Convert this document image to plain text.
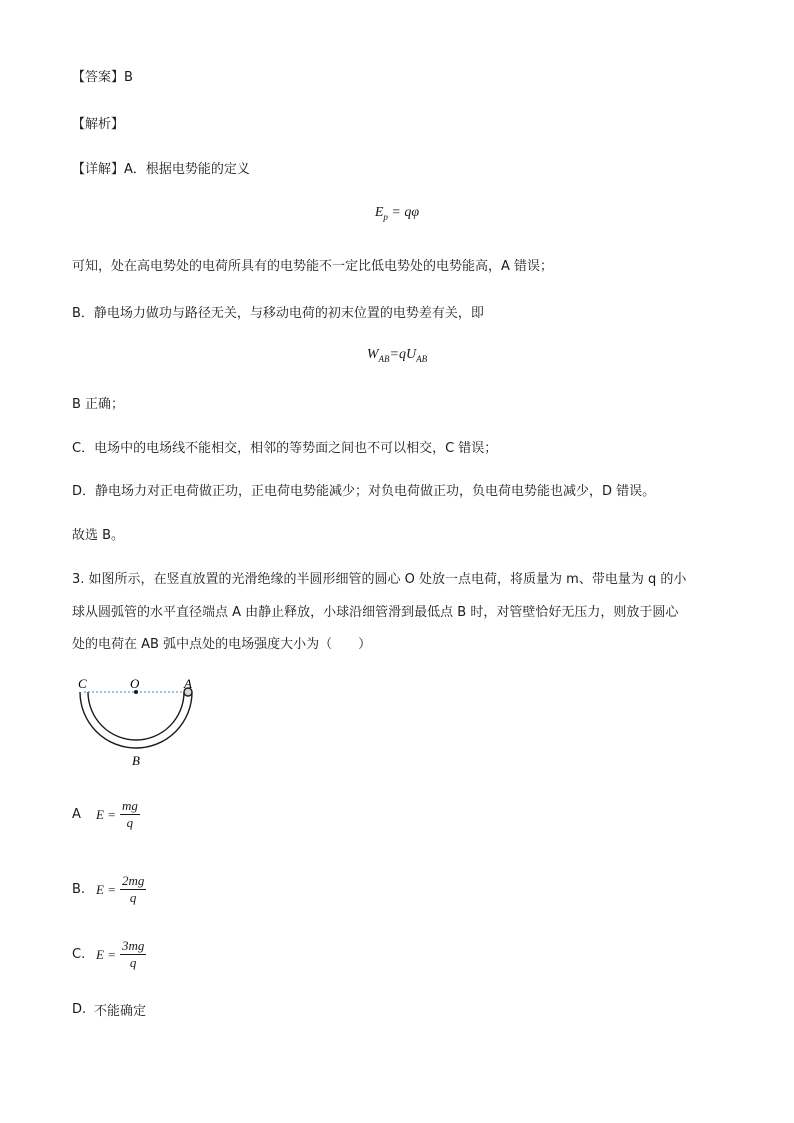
【答案】B
【解析】
【详解】A．根据电势能的定义
$E_p = q\varphi$
可知，处在高电势处的电荷所具有的电势能不一定比低电势处的电势能高，A 错误；
B．静电场力做功与路径无关，与移动电荷的初末位置的电势差有关，即
$W_{AB}=qU_{AB}$
B 正确；
C．电场中的电场线不能相交，相邻的等势面之间也不可以相交，C 错误；
D．静电场力对正电荷做正功，正电荷电势能减少；对负电荷做正功，负电荷电势能也减少，D 错误。
故选 B。
3. 如图所示，在竖直放置的光滑绝缘的半圆形细管的圆心 O 处放一点电荷，将质量为 m、带电量为 q 的小
球从圆弧管的水平直径端点 A 由静止释放，小球沿细管滑到最低点 B 时，对管壁恰好无压力，则放于圆心
处的电荷在 AB 弧中点处的电场强度大小为（　　）
C	O	A
B
A	$E = \frac{mg}{q}$
B. $E = \frac{2mg}{q}$
C. $E = \frac{3mg}{q}$
D. 不能确定
